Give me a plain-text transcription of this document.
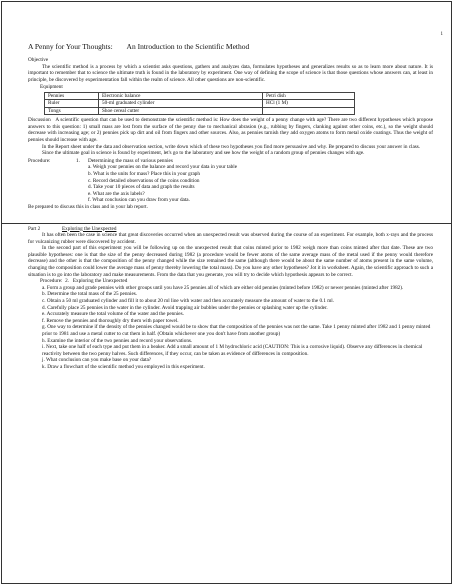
1
A Penny for Your Thoughts: An Introduction to the Scientific Method

Objective

The scientific method is a process by which a scientist asks questions, gathers and analyzes data, formulates hypotheses and generalizes results so as to learn more about nature. It is important to remember that to science the ultimate truth is found in the laboratory by experiment. One way of defining the scope of science is that those questions whose answers can, at least in principle, be discovered by experimentation fall within the realm of science. All other questions are non-scientific.

Equipment

Pennies	Electronic balance	Petri dish
Ruler	50-ml graduated cylinder	HCl (1 M)
Tongs	Shoe cereal cutter	

Discussion A scientific question that can be used to demonstrate the scientific method is: How does the weight of a penny change with age? There are two different hypotheses which propose answers to this question: 1) small mass are lost from the surface of the penny due to mechanical abrasion (e.g., rubbing by fingers, clanking against other coins, etc.), so the weight should decrease with increasing age; or 2) pennies pick up dirt and oil from fingers and other sources. Also, as pennies tarnish they add oxygen atoms to form metal oxide coatings. Thus the weight of pennies should increase with age.

In the Report sheet under the data and observation section, write down which of these two hypotheses you find more persuasive and why. Be prepared to discuss your answer in class.

Since the ultimate goal in science is found by experiment, let's go to the laboratory and see how the weight of a random group of pennies changes with age.

Procedure:	1.	Determining the mass of various pennies
a. Weigh your pennies on the balance and record your data in your table
b. What is the units for mass? Place this in your graph
c. Record detailed observations of the coins condition
d. Take your 10 pieces of data and graph the results
e. What are the axis labels?
f. What conclusion can you draw from your data.

Be prepared to discuss this in class and in your lab report.

Part 2	Exploring the Unexpected

It has often been the case in science that great discoveries occurred when an unexpected result was observed during the course of an experiment. For example, both x-rays and the process for vulcanizing rubber were discovered by accident.

In the second part of this experiment you will be following up on the unexpected result that coins minted prior to 1982 weigh more than coins minted after that date. These are two plausible hypotheses: one is that the size of the penny decreased during 1982 (a procedure would be fewer atoms of the same average mass of the metal used if the penny would therefore decrease) and the other is that the composition of the penny changed while the size remained the same (although there would be about the same number of atoms present in the same volume, changing the composition could lower the average mass of penny thereby lowering the total mass). Do you have any other hypotheses? Jot it in worksheet. Again, the scientific approach to such a situation is to go into the laboratory and make measurements. From the data that you generate, you will try to decide which hypothesis appears to be correct.

Procedure: 2. Exploring the Unexpected
a. Form a group and grade pennies with other groups until you have 25 pennies all of which are either old pennies (minted before 1982) or newer pennies (minted after 1982).
b. Determine the total mass of the 25 pennies.
c. Obtain a 50 ml graduated cylinder and fill it to about 20 ml line with water and then accurately measure the amount of water to the 0.1 ml.
d. Carefully place 25 pennies in the water in the cylinder. Avoid trapping air bubbles under the pennies or splashing water up the cylinder.
e. Accurately measure the total volume of the water and the pennies.
f. Remove the pennies and thoroughly dry them with paper towel.
g. One way to determine if the density of the pennies changed would be to show that the composition of the pennies was not the same. Take 1 penny minted after 1982 and 1 penny minted prior to 1981 and use a metal cutter to cut them in half. (Obtain whichever one you don't have from another group)
h. Examine the interior of the two pennies and record your observations.
i. Next, take one half of each type and put them in a beaker. Add a small amount of 1 M hydrochloric acid (CAUTION: This is a corrosive liquid). Observe any differences in chemical reactivity between the two penny halves. Such differences, if they occur, can be taken as evidence of differences in composition.
j. What conclusion can you make base on your data?
k. Draw a flowchart of the scientific method you employed in this experiment.
